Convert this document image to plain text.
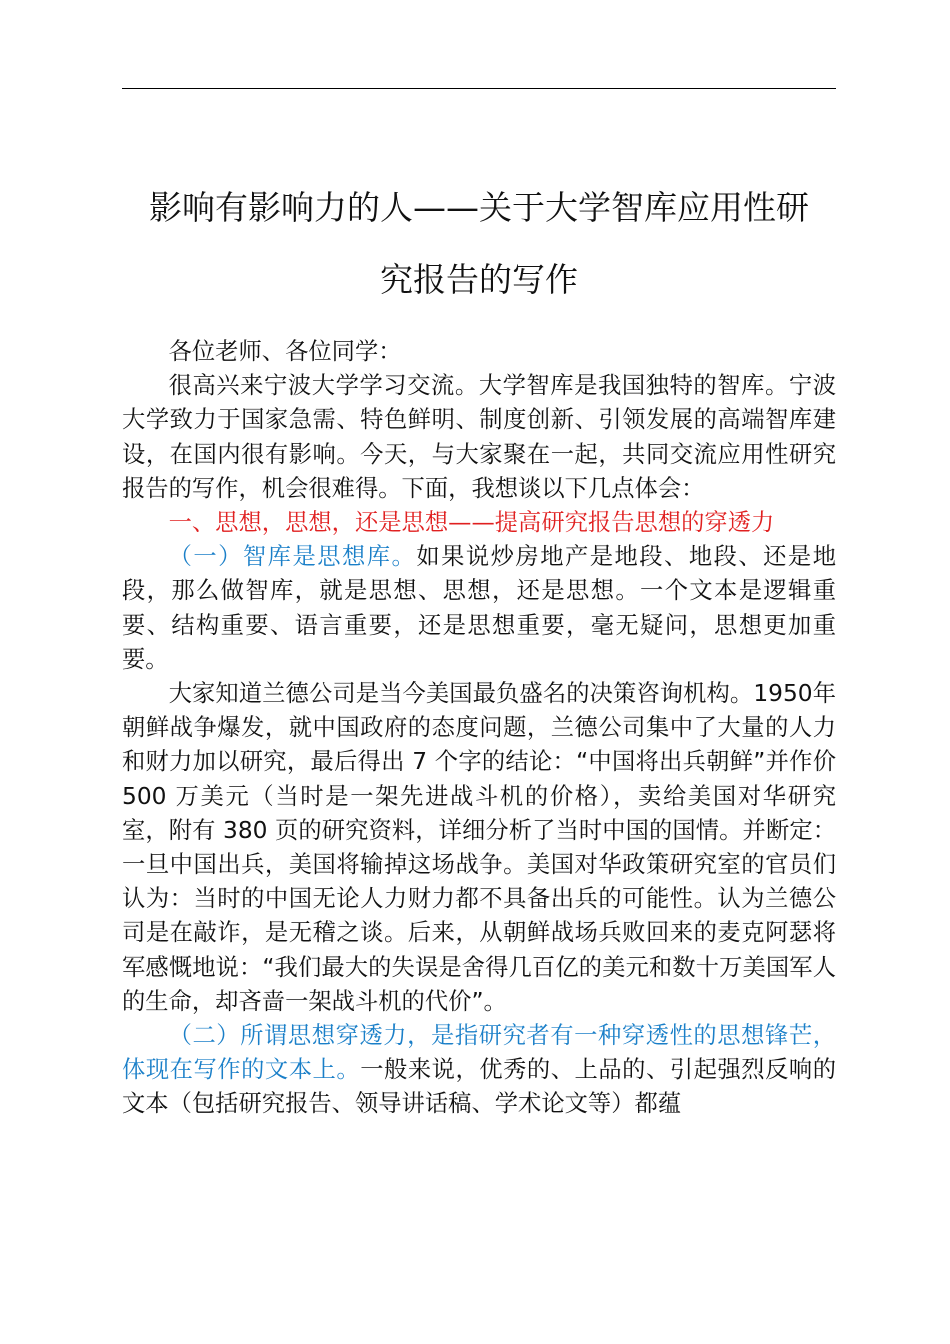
影响有影响力的人——关于大学智库应用性研
究报告的写作

各位老师、各位同学：

很高兴来宁波大学学习交流。大学智库是我国独特的智库。宁波大学致力于国家急需、特色鲜明、制度创新、引领发展的高端智库建设，在国内很有影响。今天，与大家聚在一起，共同交流应用性研究报告的写作，机会很难得。下面，我想谈以下几点体会：

一、思想，思想，还是思想——提高研究报告思想的穿透力

（一）智库是思想库。如果说炒房地产是地段、地段、还是地段，那么做智库，就是思想、思想，还是思想。一个文本是逻辑重要、结构重要、语言重要，还是思想重要，毫无疑问，思想更加重要。

大家知道兰德公司是当今美国最负盛名的决策咨询机构。1950年朝鲜战争爆发，就中国政府的态度问题，兰德公司集中了大量的人力和财力加以研究，最后得出 7 个字的结论：“中国将出兵朝鲜”并作价 500 万美元（当时是一架先进战斗机的价格），卖给美国对华研究室，附有 380 页的研究资料，详细分析了当时中国的国情。并断定：一旦中国出兵，美国将输掉这场战争。美国对华政策研究室的官员们认为：当时的中国无论人力财力都不具备出兵的可能性。认为兰德公司是在敲诈，是无稽之谈。后来，从朝鲜战场兵败回来的麦克阿瑟将军感慨地说：“我们最大的失误是舍得几百亿的美元和数十万美国军人的生命，却吝啬一架战斗机的代价”。

（二）所谓思想穿透力，是指研究者有一种穿透性的思想锋芒，体现在写作的文本上。一般来说，优秀的、上品的、引起强烈反响的文本（包括研究报告、领导讲话稿、学术论文等）都蕴
